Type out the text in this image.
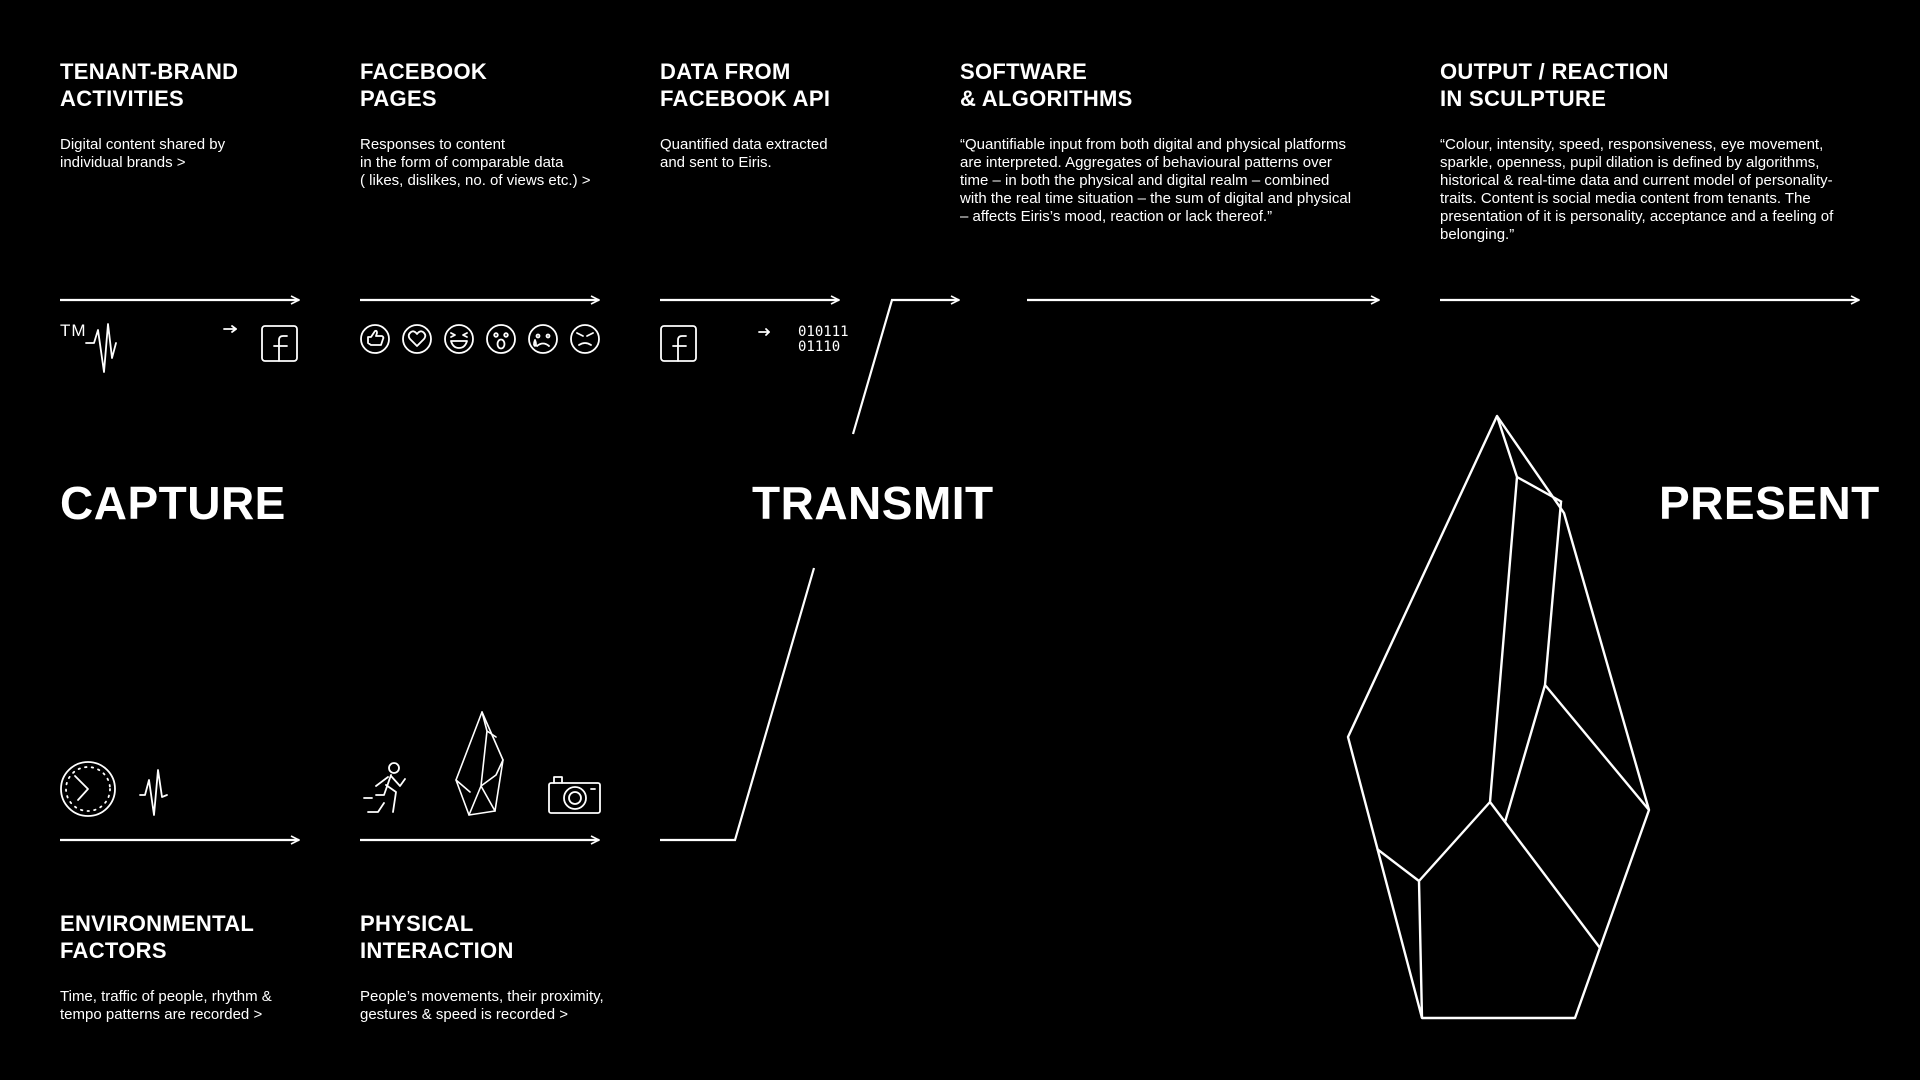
TENANT-BRAND
ACTIVITIES

Digital content shared by
individual brands >

FACEBOOK
PAGES

Responses to content
in the form of comparable data
( likes, dislikes, no. of views etc.) >

DATA FROM
FACEBOOK API

Quantified data extracted
and sent to Eiris.

SOFTWARE
& ALGORITHMS

“Quantifiable input from both digital and physical platforms
are interpreted. Aggregates of behavioural patterns over
time – in both the physical and digital realm – combined
with the real time situation – the sum of digital and physical
– affects Eiris’s mood, reaction or lack thereof.”

OUTPUT / REACTION
IN SCULPTURE

“Colour, intensity, speed, responsiveness, eye movement,
sparkle, openness, pupil dilation is defined by algorithms,
historical & real-time data and current model of personality-
traits. Content is social media content from tenants. The
presentation of it is personality, acceptance and a feeling of
belonging.”

ENVIRONMENTAL
FACTORS

Time, traffic of people, rhythm &
tempo patterns are recorded >

PHYSICAL
INTERACTION

People’s movements, their proximity,
gestures & speed is recorded >
CAPTURE	TRANSMIT	PRESENT
TM	010111
01110
